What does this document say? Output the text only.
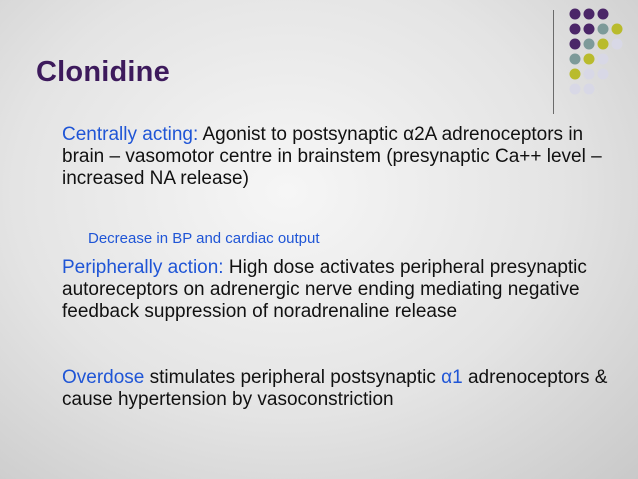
Clonidine
Centrally acting: Agonist to postsynaptic α2A adrenoceptors in brain – vasomotor centre in brainstem (presynaptic Ca++ level – increased NA release)
Decrease in BP and cardiac output
Peripherally action: High dose activates peripheral presynaptic autoreceptors on adrenergic nerve ending mediating negative feedback suppression of noradrenaline release
Overdose stimulates peripheral postsynaptic α1 adrenoceptors & cause hypertension by vasoconstriction
